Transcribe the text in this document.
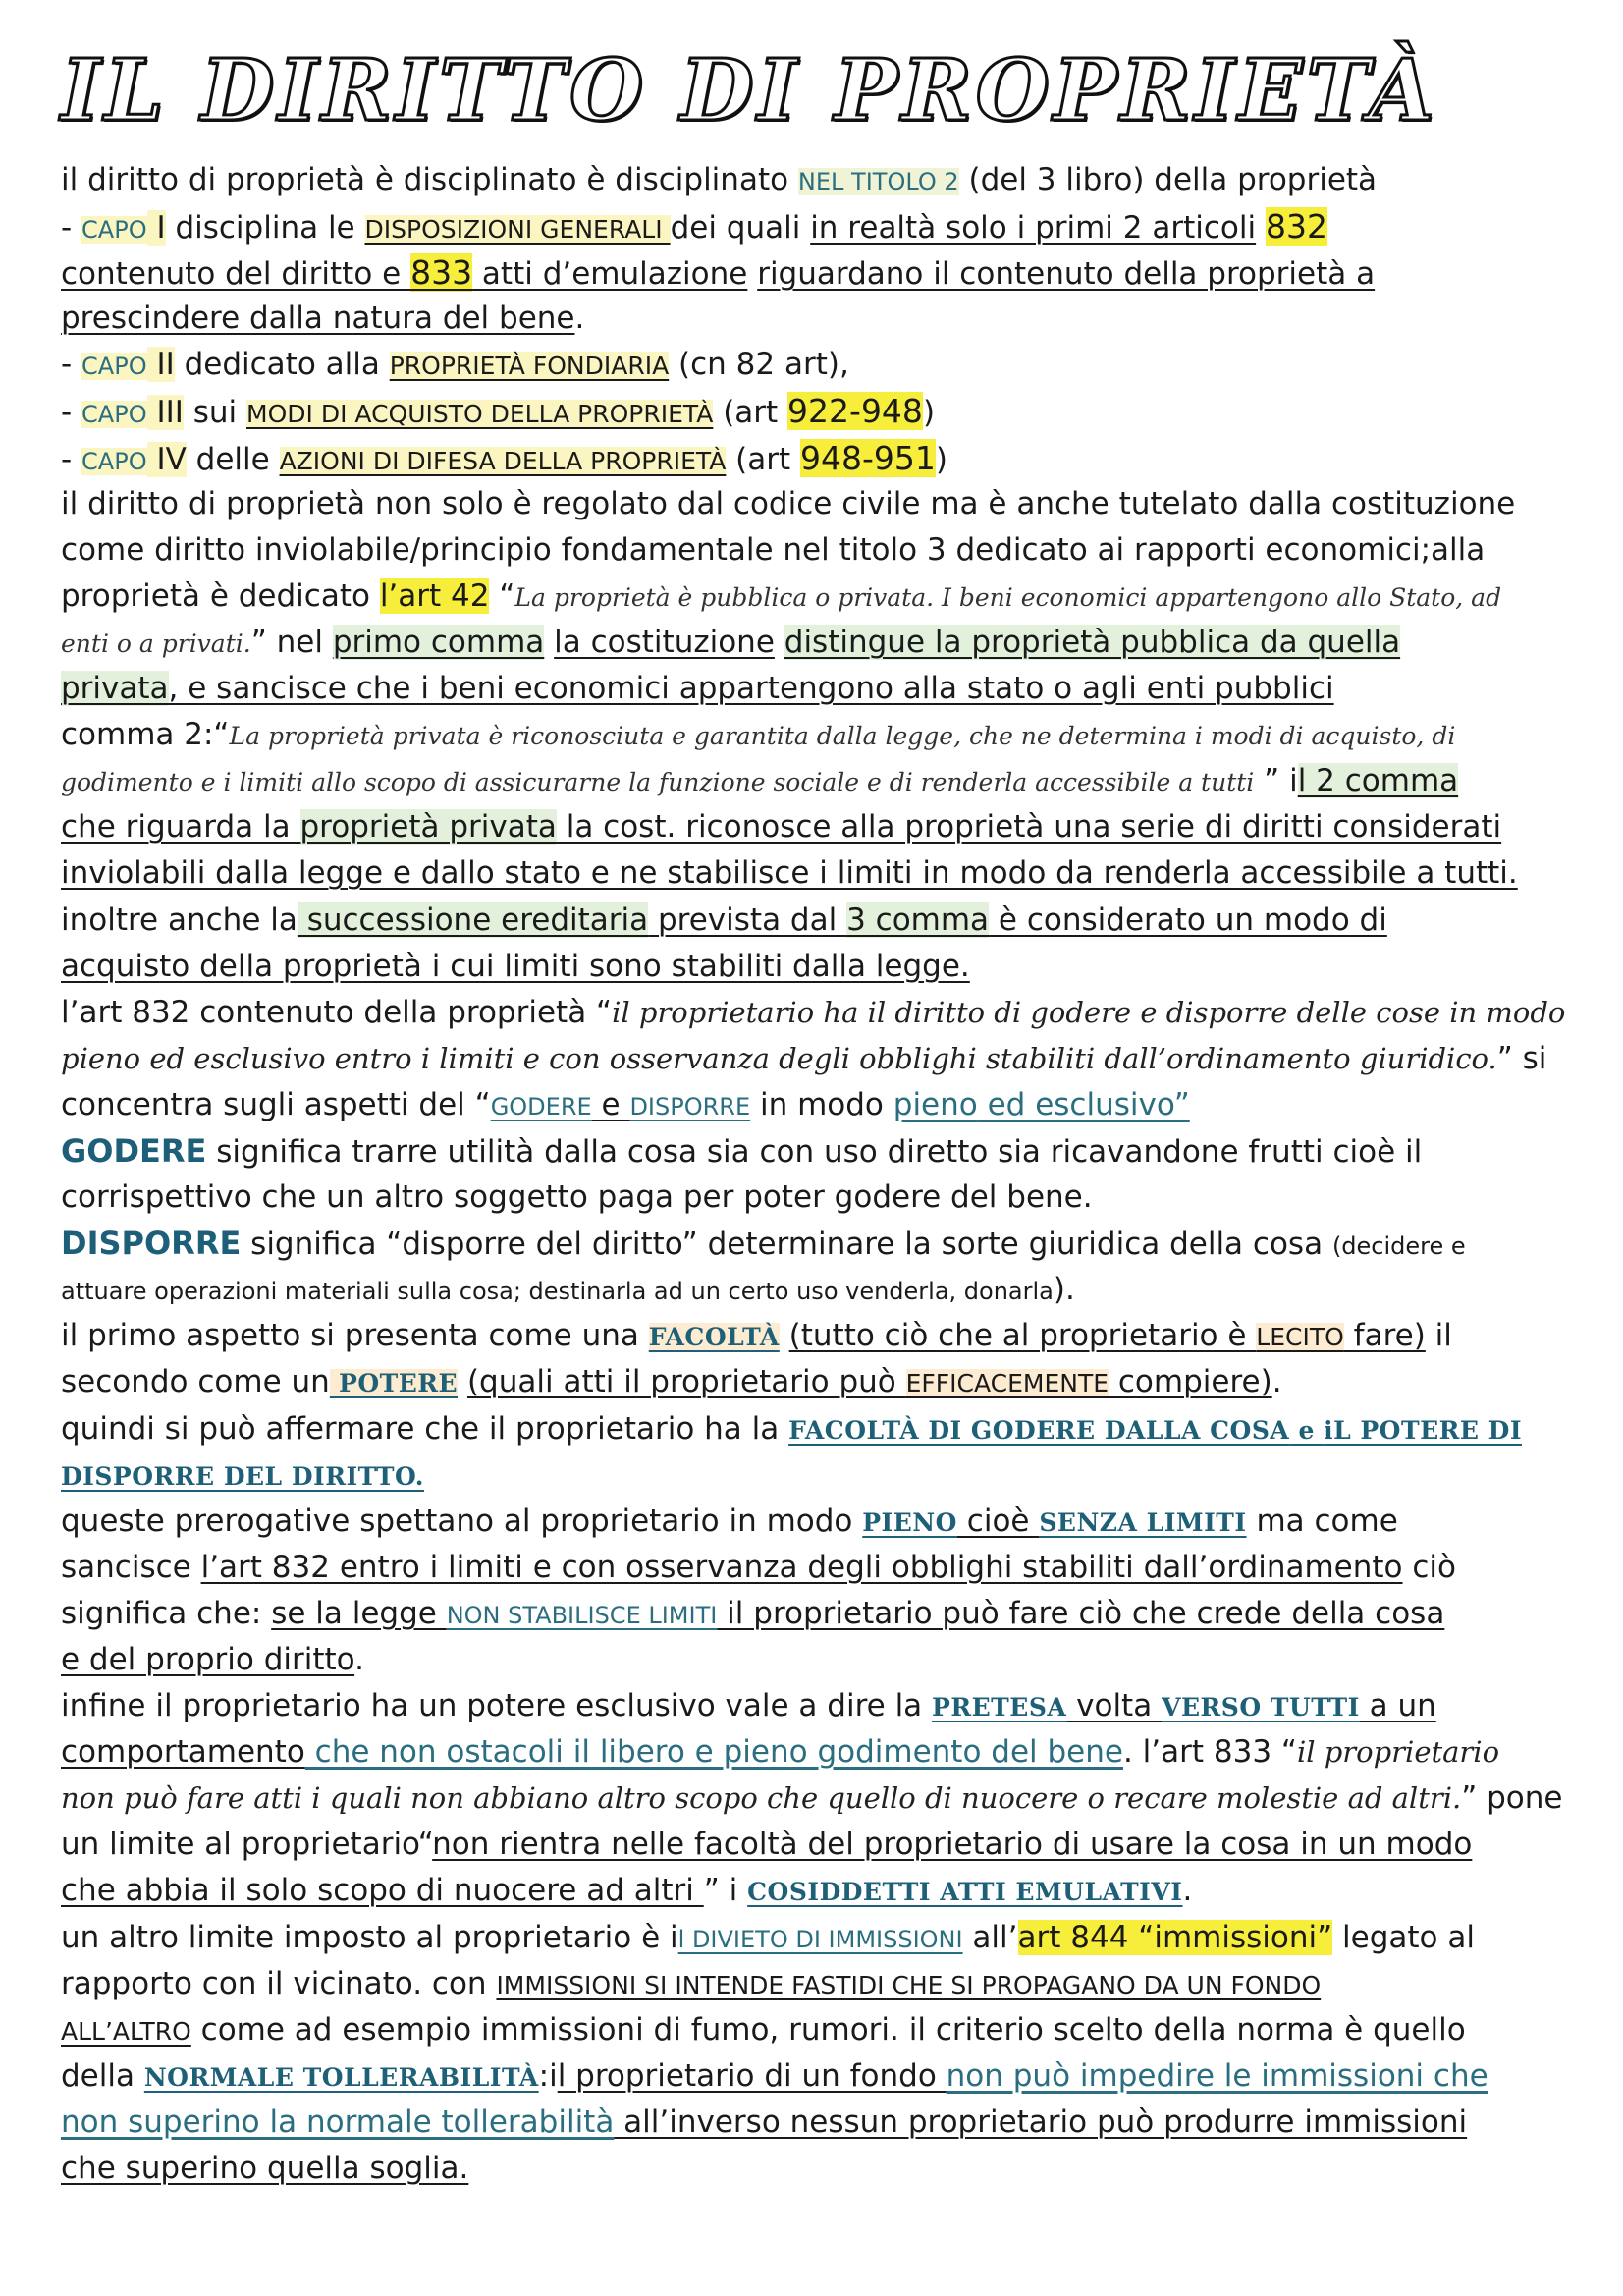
IL DIRITTO DI PROPRIETÀ
il diritto di proprietà è disciplinato è disciplinato NEL TITOLO 2 (del 3 libro) della proprietà
- CAPO I disciplina le DISPOSIZIONI GENERALI dei quali in realtà solo i primi 2 articoli 832
contenuto del diritto e 833 atti d’emulazione riguardano il contenuto della proprietà a
prescindere dalla natura del bene.
- CAPO II dedicato alla PROPRIETÀ FONDIARIA (cn 82 art),
- CAPO III sui MODI DI ACQUISTO DELLA PROPRIETÀ (art 922-948)
- CAPO IV delle AZIONI DI DIFESA DELLA PROPRIETÀ (art 948-951)
il diritto di proprietà non solo è regolato dal codice civile ma è anche tutelato dalla costituzione
come diritto inviolabile/principio fondamentale nel titolo 3 dedicato ai rapporti economici;alla
proprietà è dedicato l’art 42 “La proprietà è pubblica o privata. I beni economici appartengono allo Stato, ad
enti o a privati.” nel primo comma la costituzione distingue la proprietà pubblica da quella
privata, e sancisce che i beni economici appartengono alla stato o agli enti pubblici
comma 2:“La proprietà privata è riconosciuta e garantita dalla legge, che ne determina i modi di acquisto, di
godimento e i limiti allo scopo di assicurarne la funzione sociale e di renderla accessibile a tutti ” il 2 comma
che riguarda la proprietà privata la cost. riconosce alla proprietà una serie di diritti considerati
inviolabili dalla legge e dallo stato e ne stabilisce i limiti in modo da renderla accessibile a tutti.
inoltre anche la successione ereditaria prevista dal 3 comma è considerato un modo di
acquisto della proprietà i cui limiti sono stabiliti dalla legge.
l’art 832 contenuto della proprietà “il proprietario ha il diritto di godere e disporre delle cose in modo
pieno ed esclusivo entro i limiti e con osservanza degli obblighi stabiliti dall’ordinamento giuridico.” si
concentra sugli aspetti del “GODERE e DISPORRE in modo pieno ed esclusivo”
GODERE significa trarre utilità dalla cosa sia con uso diretto sia ricavandone frutti cioè il
corrispettivo che un altro soggetto paga per poter godere del bene.
DISPORRE significa “disporre del diritto” determinare la sorte giuridica della cosa (decidere e
attuare operazioni materiali sulla cosa; destinarla ad un certo uso venderla, donarla).
il primo aspetto si presenta come una FACOLTÀ (tutto ciò che al proprietario è LECITO fare) il
secondo come un POTERE (quali atti il proprietario può EFFICACEMENTE compiere).
quindi si può affermare che il proprietario ha la FACOLTÀ DI GODERE DALLA COSA e iL POTERE DI
DISPORRE DEL DIRITTO.
queste prerogative spettano al proprietario in modo PIENO cioè SENZA LIMITI ma come
sancisce l’art 832 entro i limiti e con osservanza degli obblighi stabiliti dall’ordinamento ciò
significa che: se la legge NON STABILISCE LIMITI il proprietario può fare ciò che crede della cosa
e del proprio diritto.
infine il proprietario ha un potere esclusivo vale a dire la PRETESA volta VERSO TUTTI a un
comportamento che non ostacoli il libero e pieno godimento del bene. l’art 833 “il proprietario
non può fare atti i quali non abbiano altro scopo che quello di nuocere o recare molestie ad altri.” pone
un limite al proprietario“non rientra nelle facoltà del proprietario di usare la cosa in un modo
che abbia il solo scopo di nuocere ad altri ” i COSIDDETTI ATTI EMULATIVI.
un altro limite imposto al proprietario è il DIVIETO DI IMMISSIONI all’art 844 “immissioni” legato al
rapporto con il vicinato. con IMMISSIONI SI INTENDE FASTIDI CHE SI PROPAGANO DA UN FONDO
ALL’ALTRO come ad esempio immissioni di fumo, rumori. il criterio scelto della norma è quello
della NORMALE TOLLERABILITÀ:il proprietario di un fondo non può impedire le immissioni che
non superino la normale tollerabilità all’inverso nessun proprietario può produrre immissioni
che superino quella soglia.
